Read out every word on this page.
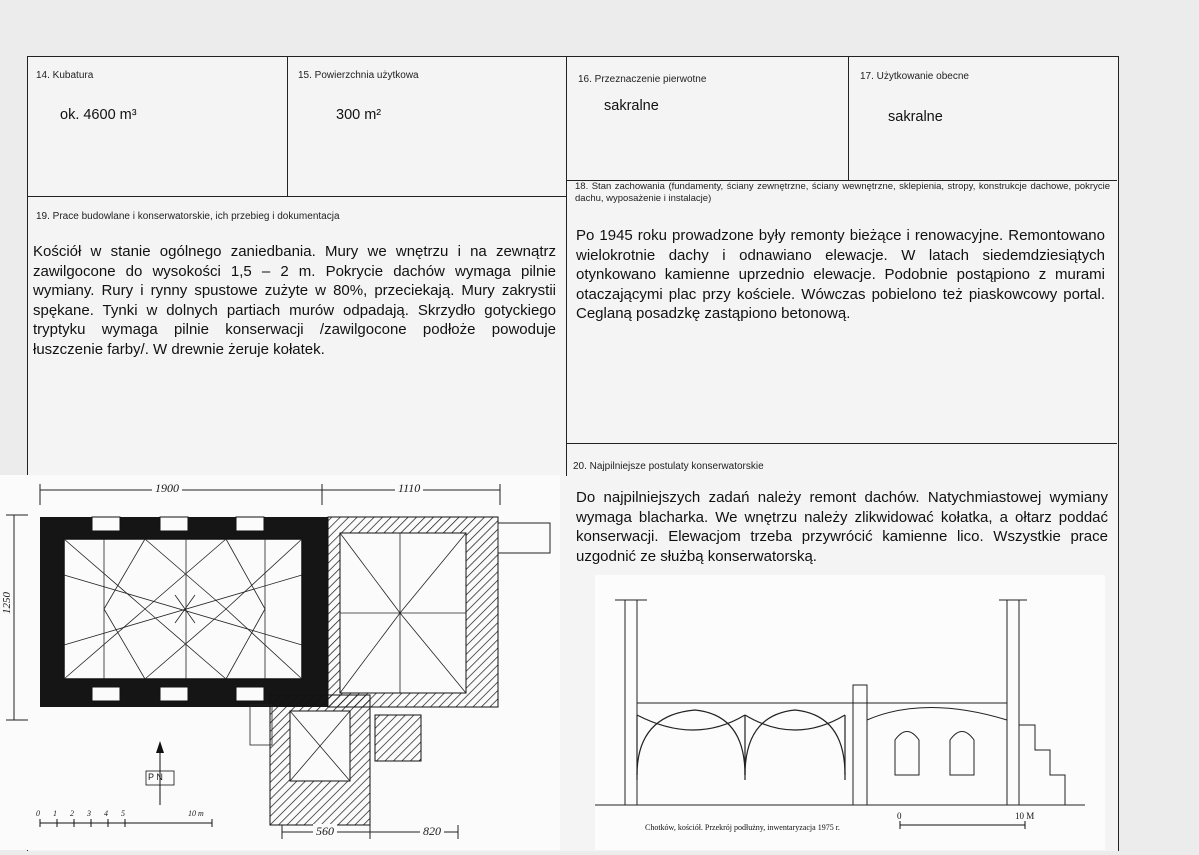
14. Kubatura
ok. 4600 m³
15. Powierzchnia użytkowa
300 m²
16. Przeznaczenie pierwotne
sakralne
17. Użytkowanie obecne
sakralne
18. Stan zachowania (fundamenty, ściany zewnętrzne, ściany wewnętrzne, sklepienia, stropy, konstrukcje dachowe, pokrycie dachu, wyposażenie i instalacje)
Po 1945 roku prowadzone były remonty bieżące i renowacyjne. Remontowano wielokrotnie dachy i odnawiano elewacje. W latach siedemdziesiątych otynkowano kamienne uprzednio elewacje. Podobnie postąpiono z murami otaczającymi plac przy kościele. Wówczas pobielono też piaskowcowy portal. Ceglaną posadzkę zastąpiono betonową.
19. Prace budowlane i konserwatorskie, ich przebieg i dokumentacja
Kościół w stanie ogólnego zaniedbania. Mury we wnętrzu i na zewnątrz zawilgocone do wysokości 1,5 – 2 m. Pokrycie dachów wymaga pilnie wymiany. Rury i rynny spustowe zużyte w 80%, przeciekają. Mury zakrystii spękane. Tynki w dolnych partiach murów odpadają. Skrzydło gotyckiego tryptyku wymaga pilnie konserwacji /zawilgocone podłoże powoduje łuszczenie farby/. W drewnie żeruje kołatek.
20. Najpilniejsze postulaty konserwatorskie
Do najpilniejszych zadań należy remont dachów. Natychmiastowej wymiany wymaga blacharka. We wnętrzu należy zlikwidować kołatka, a ołtarz poddać konserwacji. Elewacjom trzeba przywrócić kamienne lico. Wszystkie prace uzgodnić ze służbą konserwatorską.
1900	1110
1250
560	820
P N
0 1 2 3 4 5	10 m
Chotków, kościół. Przekrój podłużny, inwentaryzacja 1975 r.
0	10 M
